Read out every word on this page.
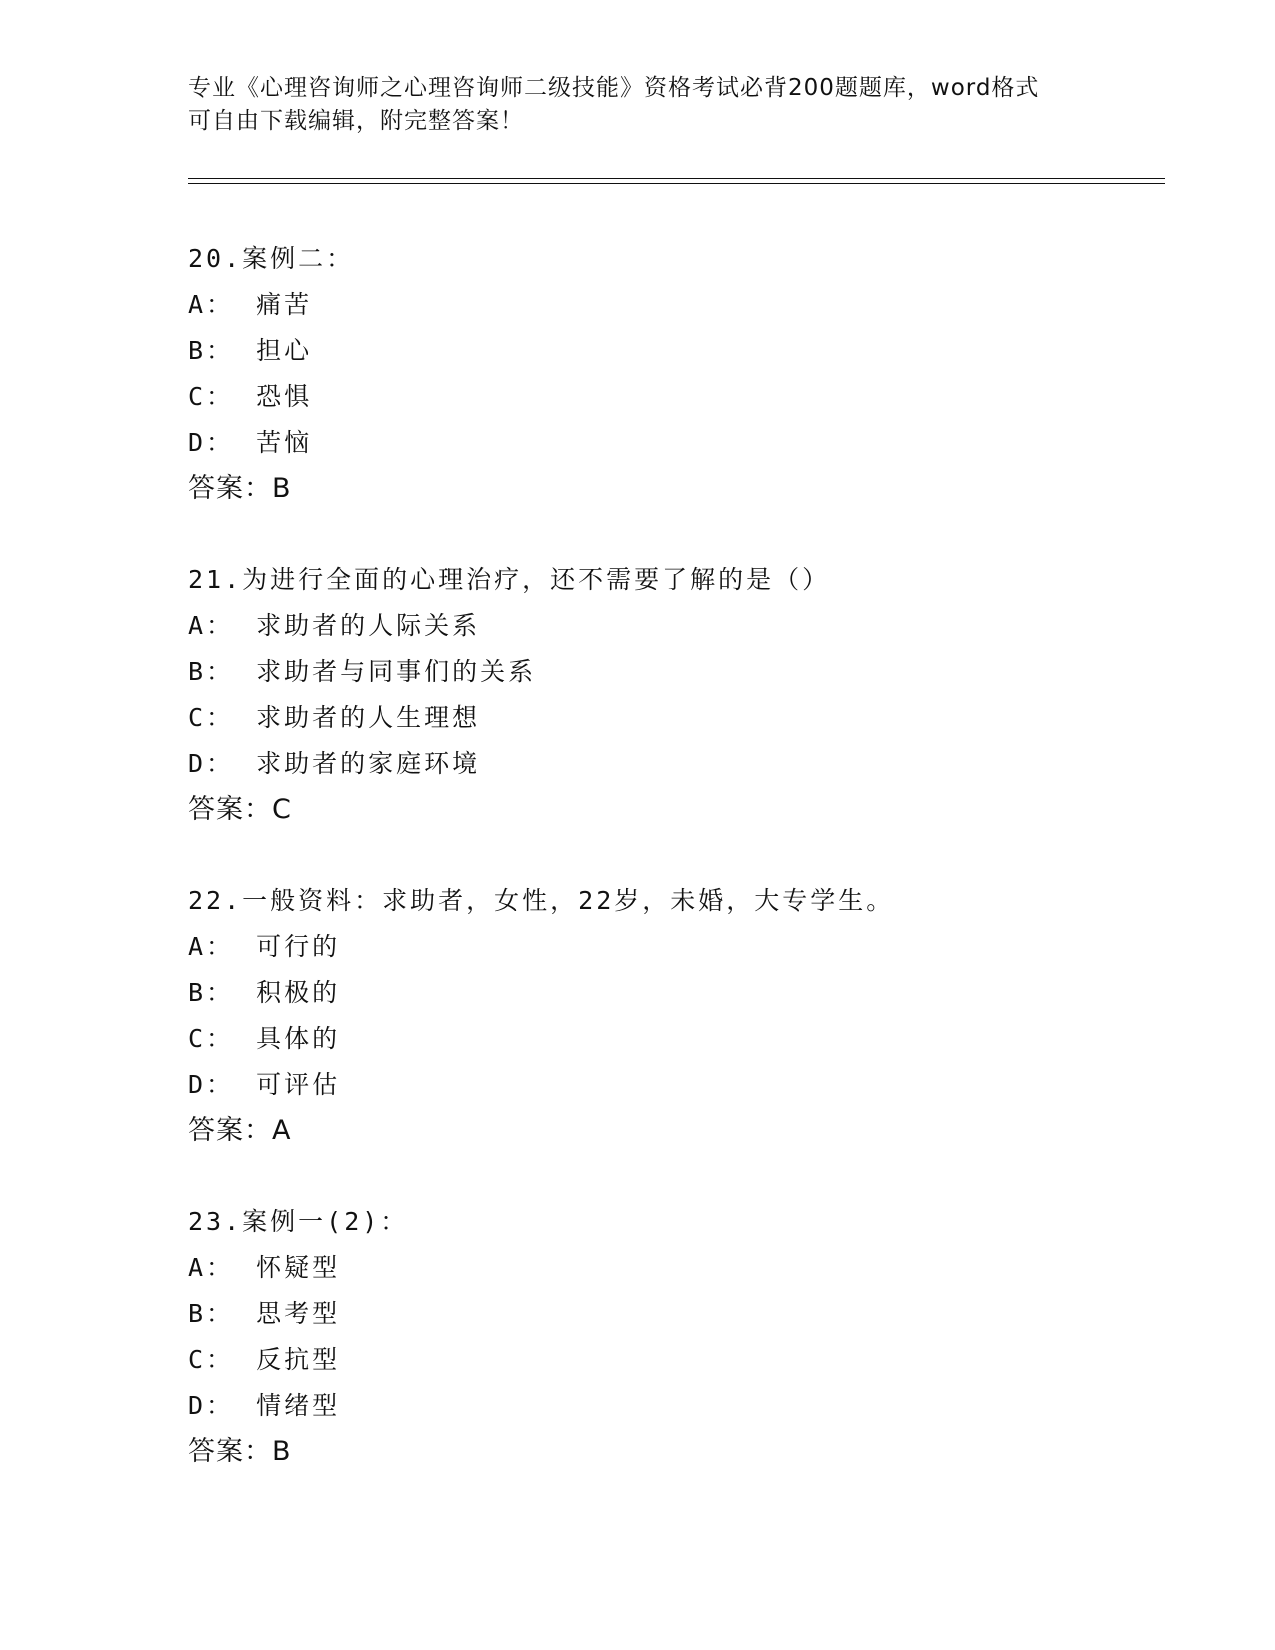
专业《心理咨询师之心理咨询师二级技能》资格考试必背200题题库，word格式
可自由下载编辑，附完整答案！
20.案例二：
A： 痛苦
B： 担心
C： 恐惧
D： 苦恼
答案：B
21.为进行全面的心理治疗，还不需要了解的是（）
A： 求助者的人际关系
B： 求助者与同事们的关系
C： 求助者的人生理想
D： 求助者的家庭环境
答案：C
22.一般资料：求助者，女性，22岁，未婚，大专学生。
A： 可行的
B： 积极的
C： 具体的
D： 可评估
答案：A
23.案例一(2)：
A： 怀疑型
B： 思考型
C： 反抗型
D： 情绪型
答案：B
